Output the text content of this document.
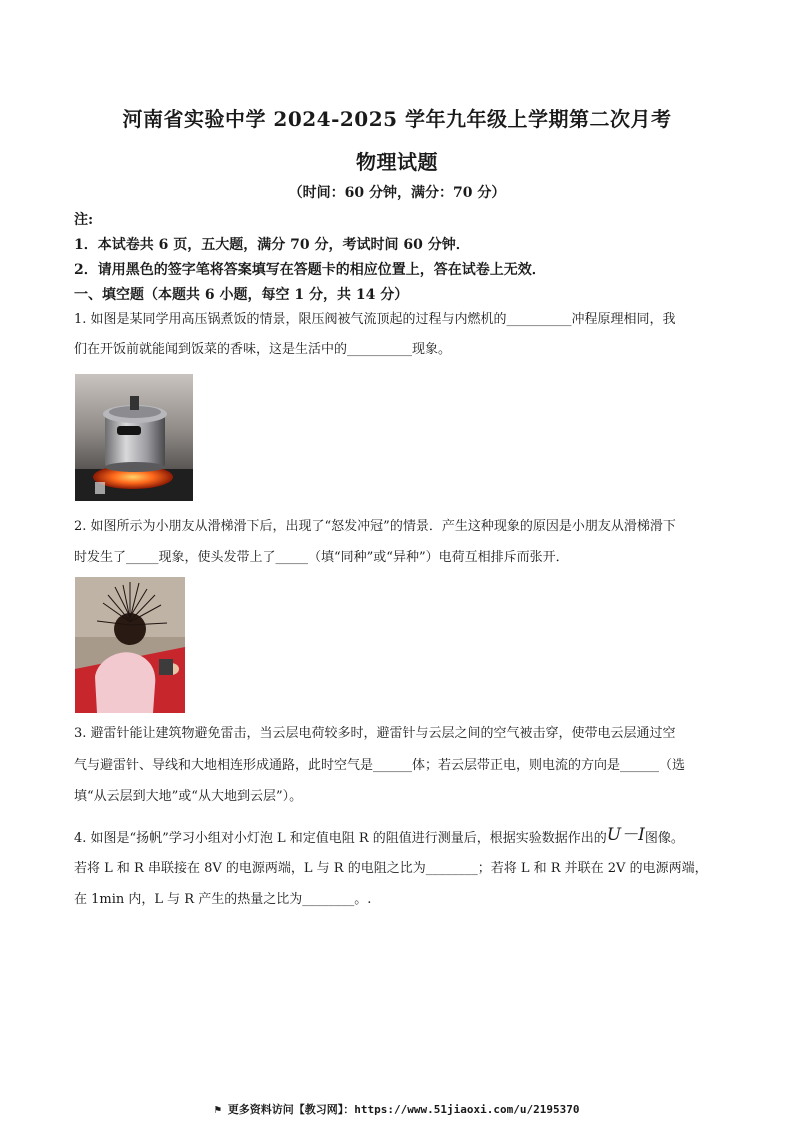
河南省实验中学 2024-2025 学年九年级上学期第二次月考
物理试题
（时间：60 分钟，满分：70 分）
注:
1．本试卷共 6 页，五大题，满分 70 分，考试时间 60 分钟．
2．请用黑色的签字笔将答案填写在答题卡的相应位置上，答在试卷上无效．
一、填空题（本题共 6 小题，每空 1 分，共 14 分）
1. 如图是某同学用高压锅煮饭的情景，限压阀被气流顶起的过程与内燃机的__________冲程原理相同，我
们在开饭前就能闻到饭菜的香味，这是生活中的__________现象。
2. 如图所示为小朋友从滑梯滑下后，出现了“怒发冲冠”的情景．产生这种现象的原因是小朋友从滑梯滑下
时发生了_____现象，使头发带上了_____（填“同种”或“异种”）电荷互相排斥而张开．
3. 避雷针能让建筑物避免雷击，当云层电荷较多时，避雷针与云层之间的空气被击穿，使带电云层通过空
气与避雷针、导线和大地相连形成通路，此时空气是______体；若云层带正电，则电流的方向是______（选
填“从云层到大地”或“从大地到云层”）。
4. 如图是“扬帆”学习小组对小灯泡 L 和定值电阻 R 的阻值进行测量后，根据实验数据作出的U－I图像。
若将 L 和 R 串联接在 8V 的电源两端，L 与 R 的电阻之比为________；若将 L 和 R 并联在 2V 的电源两端，
在 1min 内，L 与 R 产生的热量之比为________。.
⚑ 更多资料访问【教习网】：https://www.51jiaoxi.com/u/2195370
